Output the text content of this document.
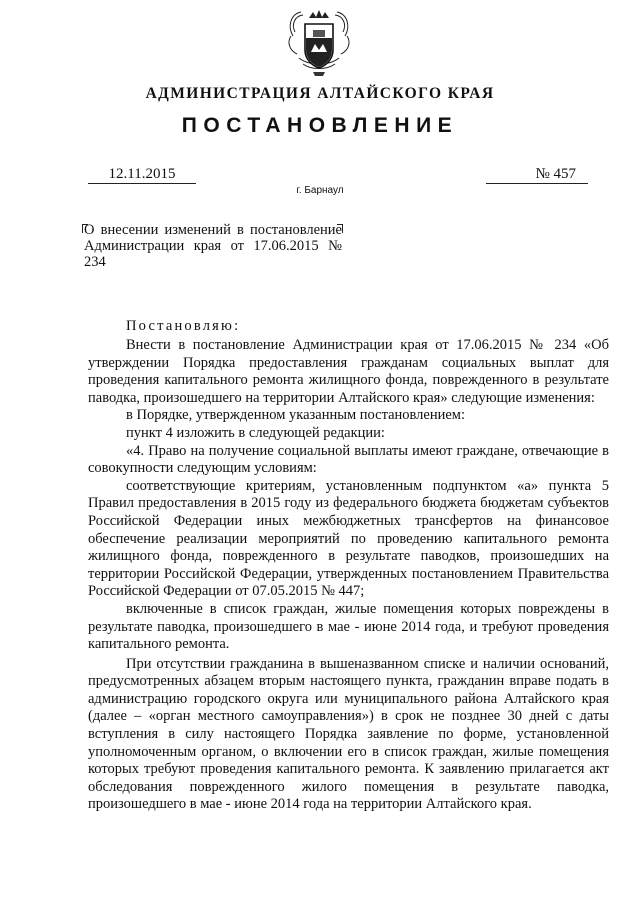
АДМИНИСТРАЦИЯ АЛТАЙСКОГО КРАЯ
ПОСТАНОВЛЕНИЕ
12.11.2015	№ 457
г. Барнаул
О внесении изменений в постановление Администрации края от 17.06.2015 № 234
Постановляю:

Внести в постановление Администрации края от 17.06.2015 № 234 «Об утверждении Порядка предоставления гражданам социальных выплат для проведения капитального ремонта жилищного фонда, поврежденного в результате паводка, произошедшего на территории Алтайского края» следующие изменения:

в Порядке, утвержденном указанным постановлением:

пункт 4 изложить в следующей редакции:

«4. Право на получение социальной выплаты имеют граждане, отвечающие в совокупности следующим условиям:

соответствующие критериям, установленным подпунктом «а» пункта 5 Правил предоставления в 2015 году из федерального бюджета бюджетам субъектов Российской Федерации иных межбюджетных трансфертов на финансовое обеспечение реализации мероприятий по проведению капитального ремонта жилищного фонда, поврежденного в результате паводков, произошедших на территории Российской Федерации, утвержденных постановлением Правительства Российской Федерации от 07.05.2015 № 447;

включенные в список граждан, жилые помещения которых повреждены в результате паводка, произошедшего в мае - июне 2014 года, и требуют проведения капитального ремонта.

При отсутствии гражданина в вышеназванном списке и наличии оснований, предусмотренных абзацем вторым настоящего пункта, гражданин вправе подать в администрацию городского округа или муниципального района Алтайского края (далее – «орган местного самоуправления») в срок не позднее 30 дней с даты вступления в силу настоящего Порядка заявление по форме, установленной уполномоченным органом, о включении его в список граждан, жилые помещения которых требуют проведения капитального ремонта. К заявлению прилагается акт обследования поврежденного жилого помещения в результате паводка, произошедшего в мае - июне 2014 года на территории Алтайского края.
